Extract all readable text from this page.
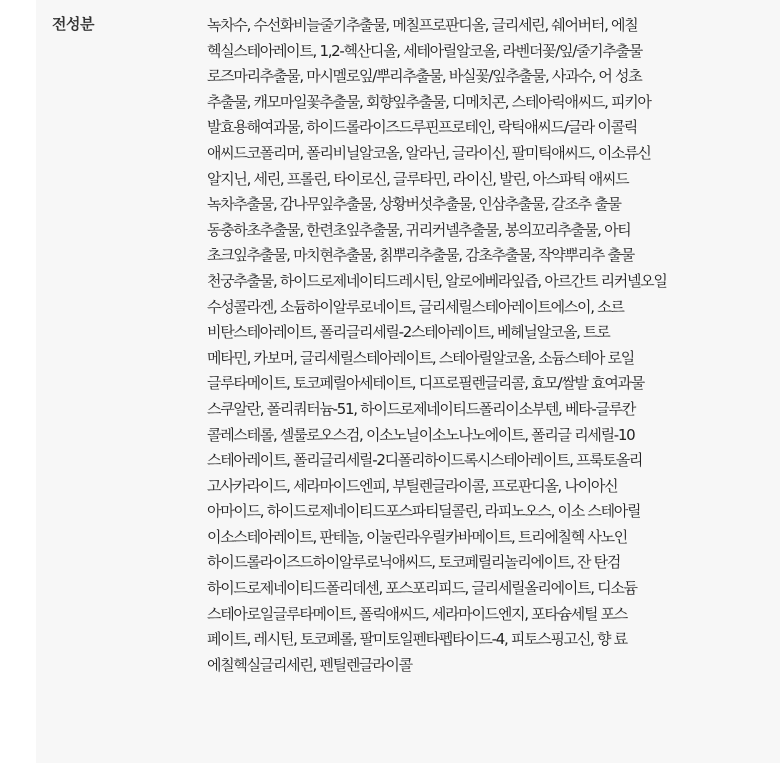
전성분	녹차수, 수선화비늘줄기추출물, 메칠프로판디올, 글리세린, 쉐어버터, 에칠
헥실스테아레이트, 1,2-헥산디올, 세테아릴알코올, 라벤더꽃/잎/줄기추출물
로즈마리추출물, 마시멜로잎/뿌리추출물, 바실꽃/잎추출물, 사과수, 어 성초
추출물, 캐모마일꽃추출물, 회향잎추출물, 디메치콘, 스테아릭애씨드, 피키아
발효용해여과물, 하이드롤라이즈드루핀프로테인, 락틱애씨드/글라 이콜릭
애씨드코폴리머, 폴리비닐알코올, 알라닌, 글라이신, 팔미틱애씨드, 이소류신
알지닌, 세린, 프롤린, 타이로신, 글루타민, 라이신, 발린, 아스파틱 애씨드
녹차추출물, 감나무잎추출물, 상황버섯추출물, 인삼추출물, 갈조추 출물
동충하초추출물, 한련초잎추출물, 귀리커넬추출물, 봉의꼬리추출물, 아티
초크잎추출물, 마치현추출물, 칡뿌리추출물, 감초추출물, 작약뿌리추 출물
천궁추출물, 하이드로제네이티드레시틴, 알로에베라잎즙, 아르간트 리커넬오일
수성콜라겐, 소듐하이알루로네이트, 글리세릴스테아레이트에스이, 소르
비탄스테아레이트, 폴리글리세릴-2스테아레이트, 베헤닐알코올, 트로
메타민, 카보머, 글리세릴스테아레이트, 스테아릴알코올, 소듐스테아 로일
글루타메이트, 토코페릴아세테이트, 디프로필렌글리콜, 효모/쌀발 효여과물
스쿠알란, 폴리쿼터늄-51, 하이드로제네이티드폴리이소부텐, 베타-글루칸
콜레스테롤, 셀룰로오스검, 이소노닐이소노나노에이트, 폴리글 리세릴-10
스테아레이트, 폴리글리세릴-2디폴리하이드록시스테아레이트, 프룩토올리
고사카라이드, 세라마이드엔피, 부틸렌글라이콜, 프로판디올, 나이아신
아마이드, 하이드로제네이티드포스파티딜콜린, 라피노오스, 이소 스테아릴
이소스테아레이트, 판테놀, 이눌린라우릴카바메이트, 트리에칠헥 사노인
하이드롤라이즈드하이알루로닉애씨드, 토코페릴리놀리에이트, 잔 탄검
하이드로제네이티드폴리데센, 포스포리피드, 글리세릴올리에이트, 디소듐
스테아로일글루타메이트, 폴릭애씨드, 세라마이드엔지, 포타슘세틸 포스
페이트, 레시틴, 토코페롤, 팔미토일펜타펩타이드-4, 피토스핑고신, 향 료
에칠헥실글리세린, 펜틸렌글라이콜
